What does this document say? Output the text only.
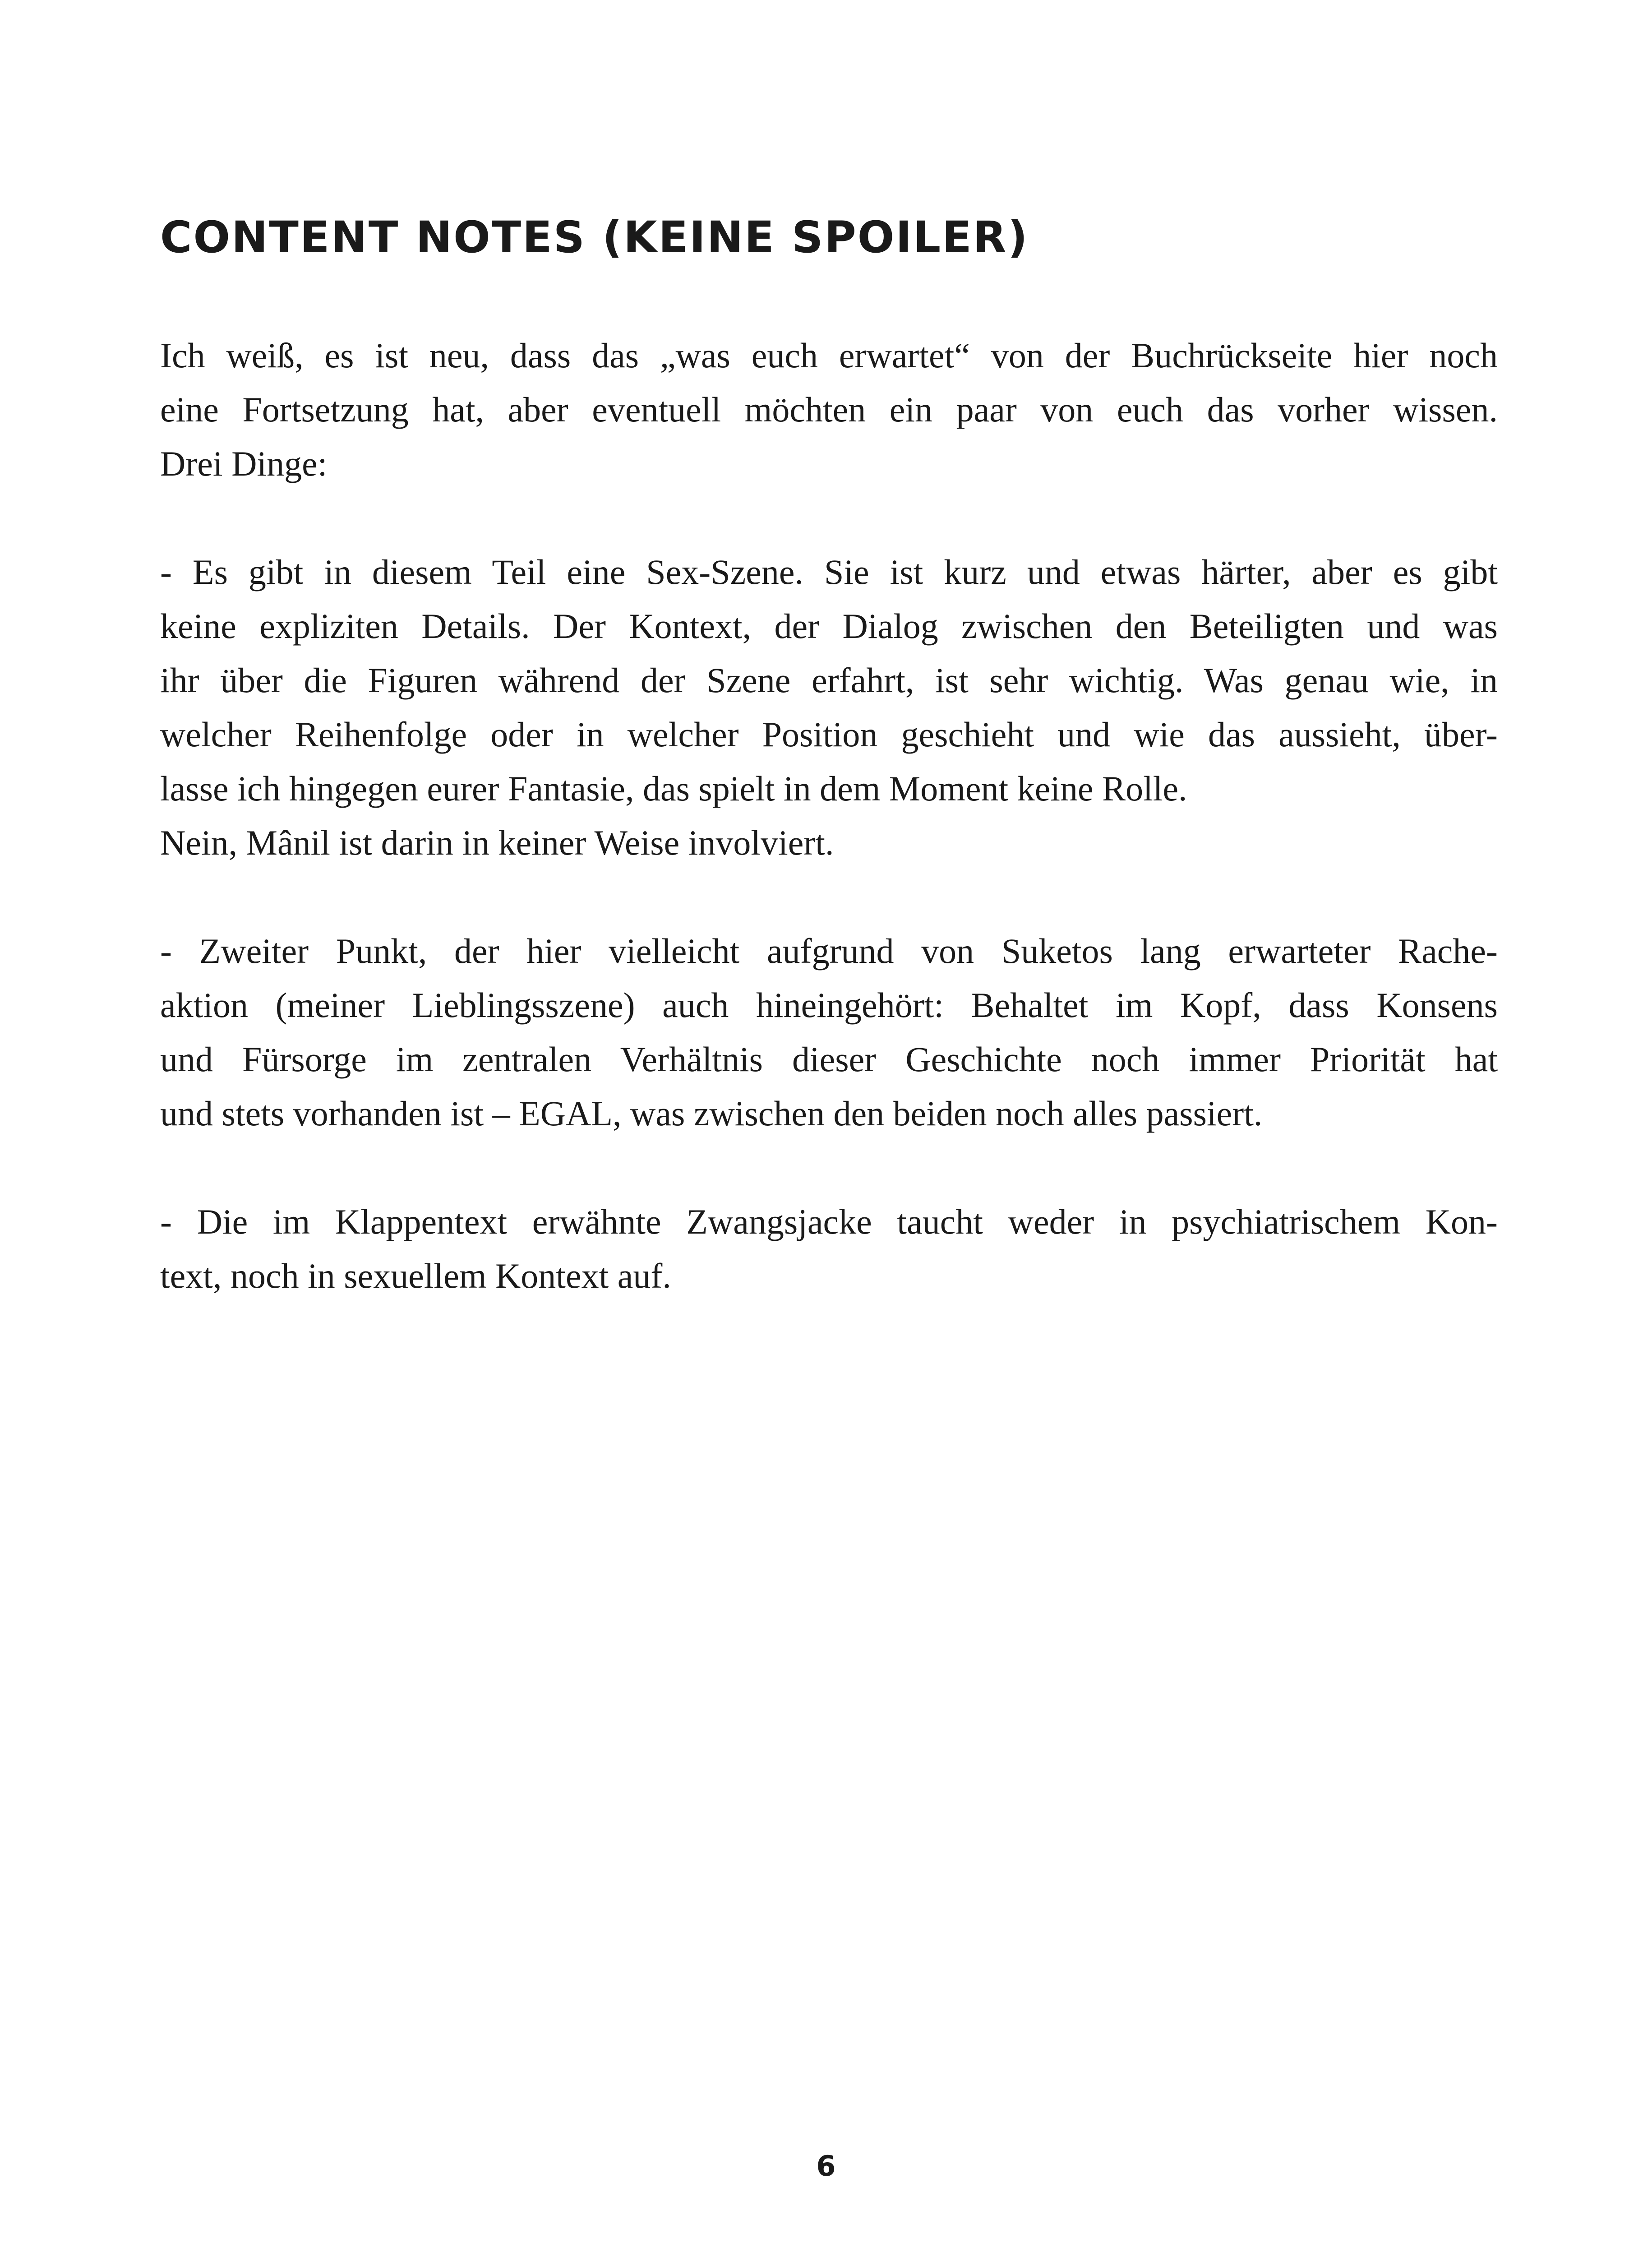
CONTENT NOTES (KEINE SPOILER)

Ich weiß, es ist neu, dass das „was euch erwartet“ von der Buchrückseite hier noch
eine Fortsetzung hat, aber eventuell möchten ein paar von euch das vorher wissen.
Drei Dinge:

- Es gibt in diesem Teil eine Sex-Szene. Sie ist kurz und etwas härter, aber es gibt
keine expliziten Details. Der Kontext, der Dialog zwischen den Beteiligten und was
ihr über die Figuren während der Szene erfahrt, ist sehr wichtig. Was genau wie, in
welcher Reihenfolge oder in welcher Position geschieht und wie das aussieht, über-
lasse ich hingegen eurer Fantasie, das spielt in dem Moment keine Rolle.
Nein, Mânil ist darin in keiner Weise involviert.

- Zweiter Punkt, der hier vielleicht aufgrund von Suketos lang erwarteter Rache-
aktion (meiner Lieblingsszene) auch hineingehört: Behaltet im Kopf, dass Konsens
und Fürsorge im zentralen Verhältnis dieser Geschichte noch immer Priorität hat
und stets vorhanden ist – EGAL, was zwischen den beiden noch alles passiert.

- Die im Klappentext erwähnte Zwangsjacke taucht weder in psychiatrischem Kon-
text, noch in sexuellem Kontext auf.

6
